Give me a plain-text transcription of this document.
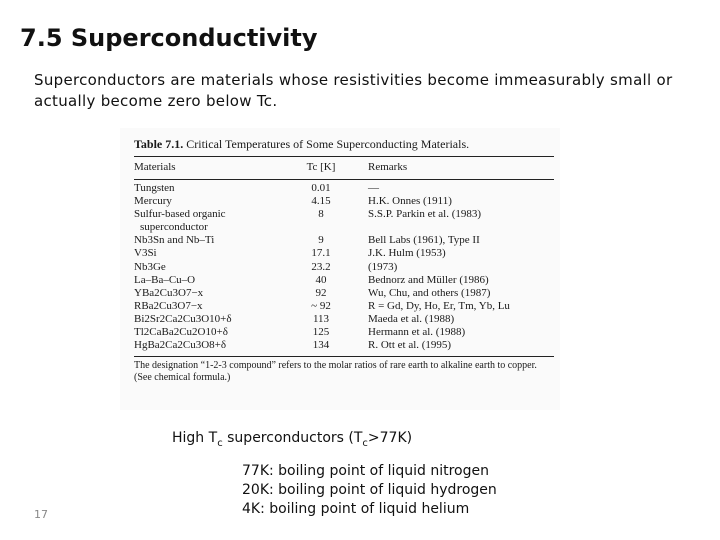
7.5 Superconductivity
Superconductors are materials whose resistivities become immeasurably small or actually become zero below Tc.
Table 7.1. Critical Temperatures of Some Superconducting Materials.
Materials	Tc [K]	Remarks
Tungsten	0.01	—
Mercury	4.15	H.K. Onnes (1911)
Sulfur-based organic	8	S.S.P. Parkin et al. (1983)
superconductor
Nb3Sn and Nb–Ti	9	Bell Labs (1961), Type II
V3Si	17.1	J.K. Hulm (1953)
Nb3Ge	23.2	(1973)
La–Ba–Cu–O	40	Bednorz and Müller (1986)
YBa2Cu3O7−x	92	Wu, Chu, and others (1987)
RBa2Cu3O7−x	~ 92	R = Gd, Dy, Ho, Er, Tm, Yb, Lu
Bi2Sr2Ca2Cu3O10+δ	113	Maeda et al. (1988)
Tl2CaBa2Cu2O10+δ	125	Hermann et al. (1988)
HgBa2Ca2Cu3O8+δ	134	R. Ott et al. (1995)
The designation “1-2-3 compound” refers to the molar ratios of rare earth to alkaline earth to copper. (See chemical formula.)
High $T_c$ superconductors $(T_c>77K)$
77K: boiling point of liquid nitrogen
20K: boiling point of liquid hydrogen
4K: boiling point of liquid helium
17
